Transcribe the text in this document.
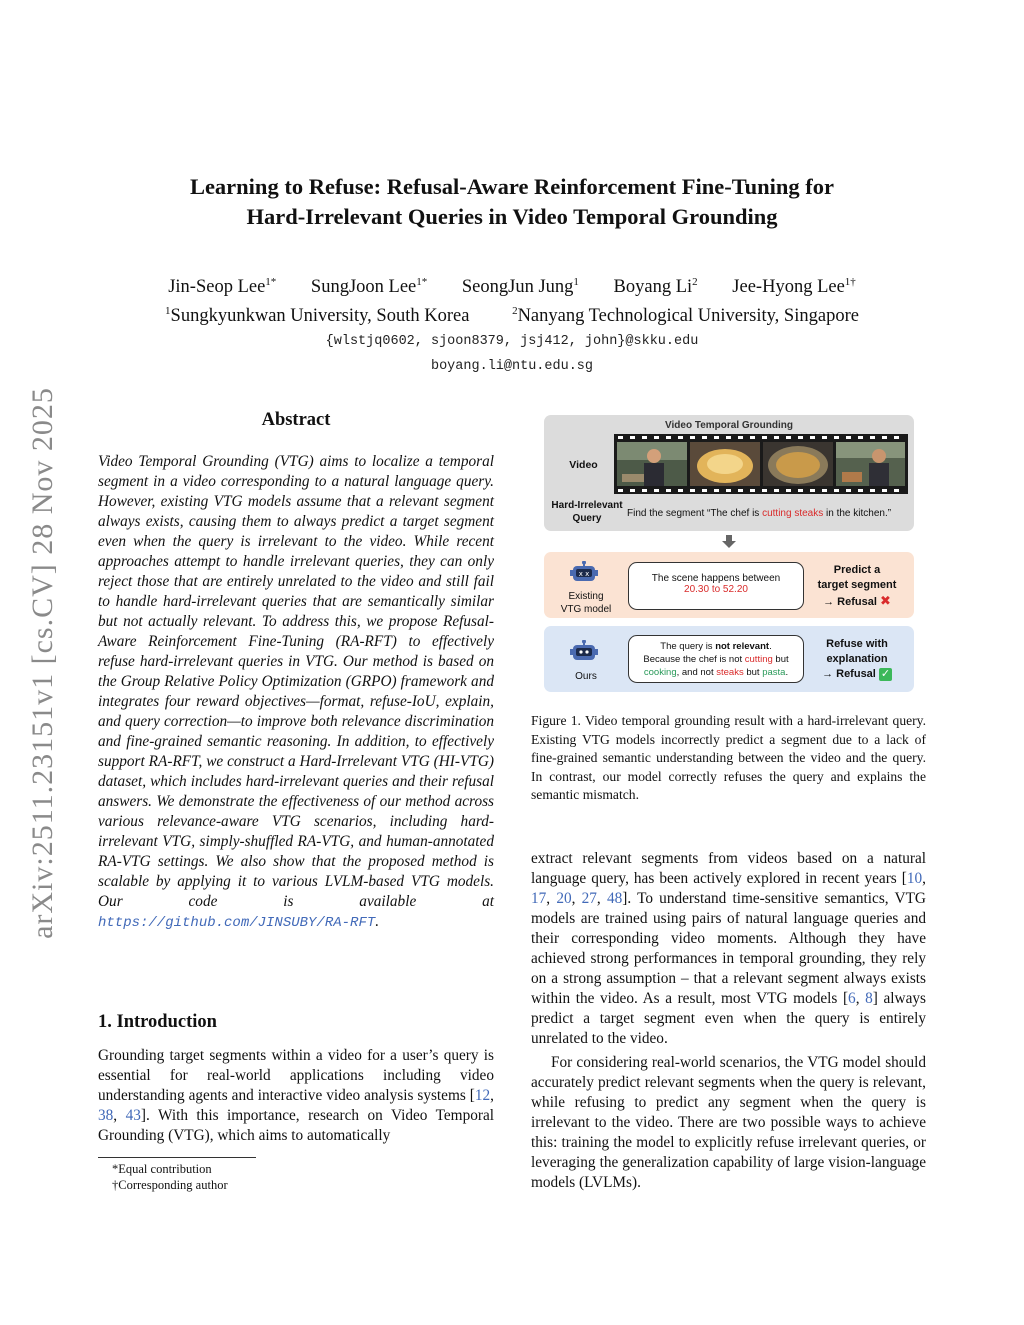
arXiv:2511.23151v1 [cs.CV] 28 Nov 2025
Learning to Refuse: Refusal-Aware Reinforcement Fine-Tuning for
Hard-Irrelevant Queries in Video Temporal Grounding
Jin-Seop Lee$^{1*}$ SungJoon Lee$^{1*}$ SeongJun Jung$^1$ Boyang Li$^2$ Jee-Hyong Lee$^{1\dagger}$
$^1$Sungkyunkwan University, South Korea	$^2$Nanyang Technological University, Singapore
{wlstjq0602, sjoon8379, jsj412, john}@skku.edu
boyang.li@ntu.edu.sg
Abstract
Video Temporal Grounding (VTG) aims to localize a temporal segment in a video corresponding to a natural language query. However, existing VTG models assume that a relevant segment always exists, causing them to always predict a target segment even when the query is irrelevant to the video. While recent approaches attempt to handle irrelevant queries, they can only reject those that are entirely unrelated to the video and still fail to handle hard-irrelevant queries that are semantically similar but not actually relevant. To address this, we propose Refusal-Aware Reinforcement Fine-Tuning (RA-RFT) to effectively refuse hard-irrelevant queries in VTG. Our method is based on the Group Relative Policy Optimization (GRPO) framework and integrates four reward objectives—format, refuse-IoU, explain, and query correction—to improve both relevance discrimination and fine-grained semantic reasoning. In addition, to effectively support RA-RFT, we construct a Hard-Irrelevant VTG (HI-VTG) dataset, which includes hard-irrelevant queries and their refusal answers. We demonstrate the effectiveness of our method across various relevance-aware VTG scenarios, including hard-irrelevant VTG, simply-shuffled RA-VTG, and human-annotated RA-VTG settings. We also show that the proposed method is scalable by applying it to various LVLM-based VTG models. Our code is available at https://github.com/JINSUBY/RA-RFT.
1. Introduction
Grounding target segments within a video for a user’s query is essential for real-world applications including video understanding agents and interactive video analysis systems [12, 38, 43]. With this importance, research on Video Temporal Grounding (VTG), which aims to automatically
*Equal contribution
†Corresponding author
Video Temporal Grounding
Video
Hard-Irrelevant
Query	Find the segment “The chef is cutting steaks in the kitchen.”
x x
Existing
VTG model
The scene happens between
20.30 to 52.20
Predict a
target segment
→ Refusal ✖
Ours
The query is not relevant.
Because the chef is not cutting but
cooking, and not steaks but pasta.
Refuse with
explanation
→ Refusal ✓
Figure 1. Video temporal grounding result with a hard-irrelevant query. Existing VTG models incorrectly predict a segment due to a lack of fine-grained semantic understanding between the video and the query. In contrast, our model correctly refuses the query and explains the semantic mismatch.

extract relevant segments from videos based on a natural language query, has been actively explored in recent years [10, 17, 20, 27, 48]. To understand time-sensitive semantics, VTG models are trained using pairs of natural language queries and their corresponding video moments. Although they have achieved strong performances in temporal grounding, they rely on a strong assumption – that a relevant segment always exists within the video. As a result, most VTG models [6, 8] always predict a target segment even when the query is entirely unrelated to the video.

For considering real-world scenarios, the VTG model should accurately predict relevant segments when the query is relevant, while refusing to predict any segment when the query is irrelevant to the video. There are two possible ways to achieve this: training the model to explicitly refuse irrelevant queries, or leveraging the generalization capability of large vision-language models (LVLMs).
